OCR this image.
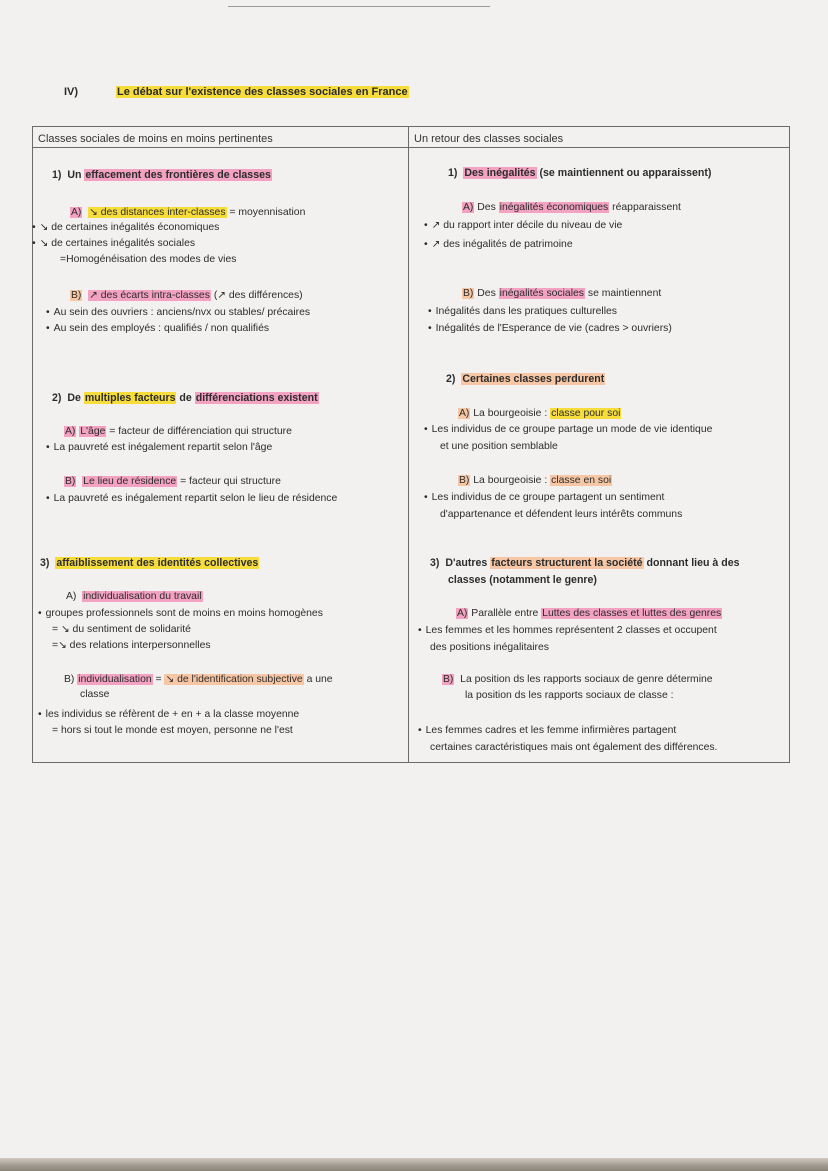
IV)	Le débat sur l'existence des classes sociales en France
Classes sociales de moins en moins pertinentes	Un retour des classes sociales
1) Un effacement des frontières de classes
A) ↘ des distances inter-classes = moyennisation
• ↘ de certaines inégalités économiques
• ↘ de certaines inégalités sociales
=Homogénéisation des modes de vies
B) ↗ des écarts intra-classes (↗ des différences)
• Au sein des ouvriers : anciens/nvx ou stables/ précaires
• Au sein des employés : qualifiés / non qualifiés
2) De multiples facteurs de différenciations existent
A) L'âge = facteur de différenciation qui structure
• La pauvreté est inégalement repartit selon l'âge
B) Le lieu de résidence = facteur qui structure
• La pauvreté es inégalement repartit selon le lieu de résidence
3) affaiblissement des identités collectives
A) individualisation du travail
• groupes professionnels sont de moins en moins homogènes
= ↘ du sentiment de solidarité
=↘ des relations interpersonnelles
B) individualisation = ↘ de l'identification subjective a une
classe
• les individus se réfèrent de + en + a la classe moyenne
= hors si tout le monde est moyen, personne ne l'est
1) Des inégalités (se maintiennent ou apparaissent)
A) Des inégalités économiques réapparaissent
• ↗ du rapport inter décile du niveau de vie
• ↗ des inégalités de patrimoine
B) Des inégalités sociales se maintiennent
• Inégalités dans les pratiques culturelles
• Inégalités de l'Esperance de vie (cadres > ouvriers)
2) Certaines classes perdurent
A) La bourgeoisie : classe pour soi
• Les individus de ce groupe partage un mode de vie identique
et une position semblable
B) La bourgeoisie : classe en soi
• Les individus de ce groupe partagent un sentiment
d'appartenance et défendent leurs intérêts communs
3) D'autres facteurs structurent la société donnant lieu à des
classes (notamment le genre)
A) Parallèle entre Luttes des classes et luttes des genres
• Les femmes et les hommes représentent 2 classes et occupent
des positions inégalitaires
B) La position ds les rapports sociaux de genre détermine
la position ds les rapports sociaux de classe :
• Les femmes cadres et les femme infirmières partagent
certaines caractéristiques mais ont également des différences.
